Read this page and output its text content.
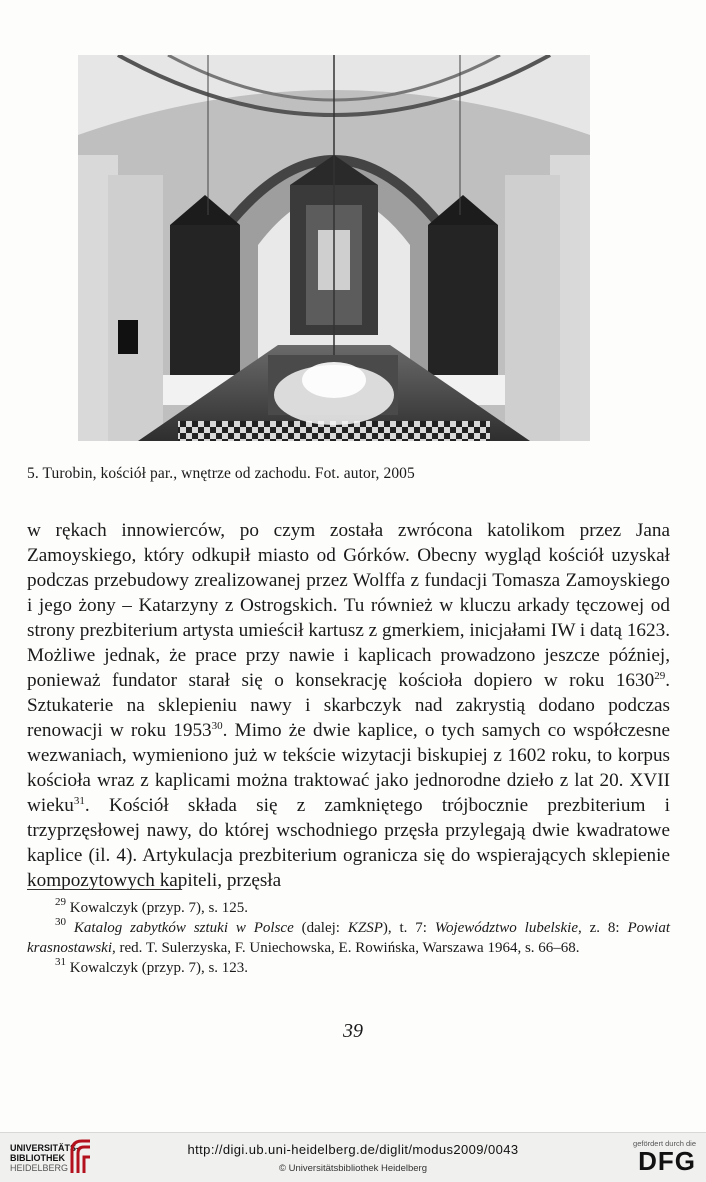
5. Turobin, kościół par., wnętrze od zachodu. Fot. autor, 2005

w rękach innowierców, po czym została zwrócona katolikom przez Jana Zamoyskiego, który odkupił miasto od Górków. Obecny wygląd kościół uzyskał podczas przebudowy zrealizowanej przez Wolffa z fundacji Tomasza Zamoyskiego i jego żony – Katarzyny z Ostrogskich. Tu również w kluczu arkady tęczowej od strony prezbiterium artysta umieścił kartusz z gmerkiem, inicjałami IW i datą 1623. Możliwe jednak, że prace przy nawie i kaplicach prowadzono jeszcze później, ponieważ fundator starał się o konsekrację kościoła dopiero w roku 1630$^{29}$. Sztukaterie na sklepieniu nawy i skarbczyk nad zakrystią dodano podczas renowacji w roku 1953$^{30}$. Mimo że dwie kaplice, o tych samych co współczesne wezwaniach, wymieniono już w tekście wizytacji biskupiej z 1602 roku, to korpus kościoła wraz z kaplicami można traktować jako jednorodne dzieło z lat 20. XVII wieku$^{31}$. Kościół składa się z zamkniętego trójbocznie prezbiterium i trzyprzęsłowej nawy, do której wschodniego przęsła przylegają dwie kwadratowe kaplice (il. 4). Artykulacja prezbiterium ogranicza się do wspierających sklepienie kompozytowych kapiteli, przęsła

$^{29}$ Kowalczyk (przyp. 7), s. 125.

$^{30}$ Katalog zabytków sztuki w Polsce (dalej: KZSP), t. 7: Województwo lubelskie, z. 8: Powiat krasnostawski, red. T. Sulerzyska, F. Uniechowska, E. Rowińska, Warszawa 1964, s. 66–68.

$^{31}$ Kowalczyk (przyp. 7), s. 123.

39
UNIVERSITÄTS-
BIBLIOTHEK
HEIDELBERG
http://digi.ub.uni-heidelberg.de/diglit/modus2009/0043
© Universitätsbibliothek Heidelberg
gefördert durch die
DFG
